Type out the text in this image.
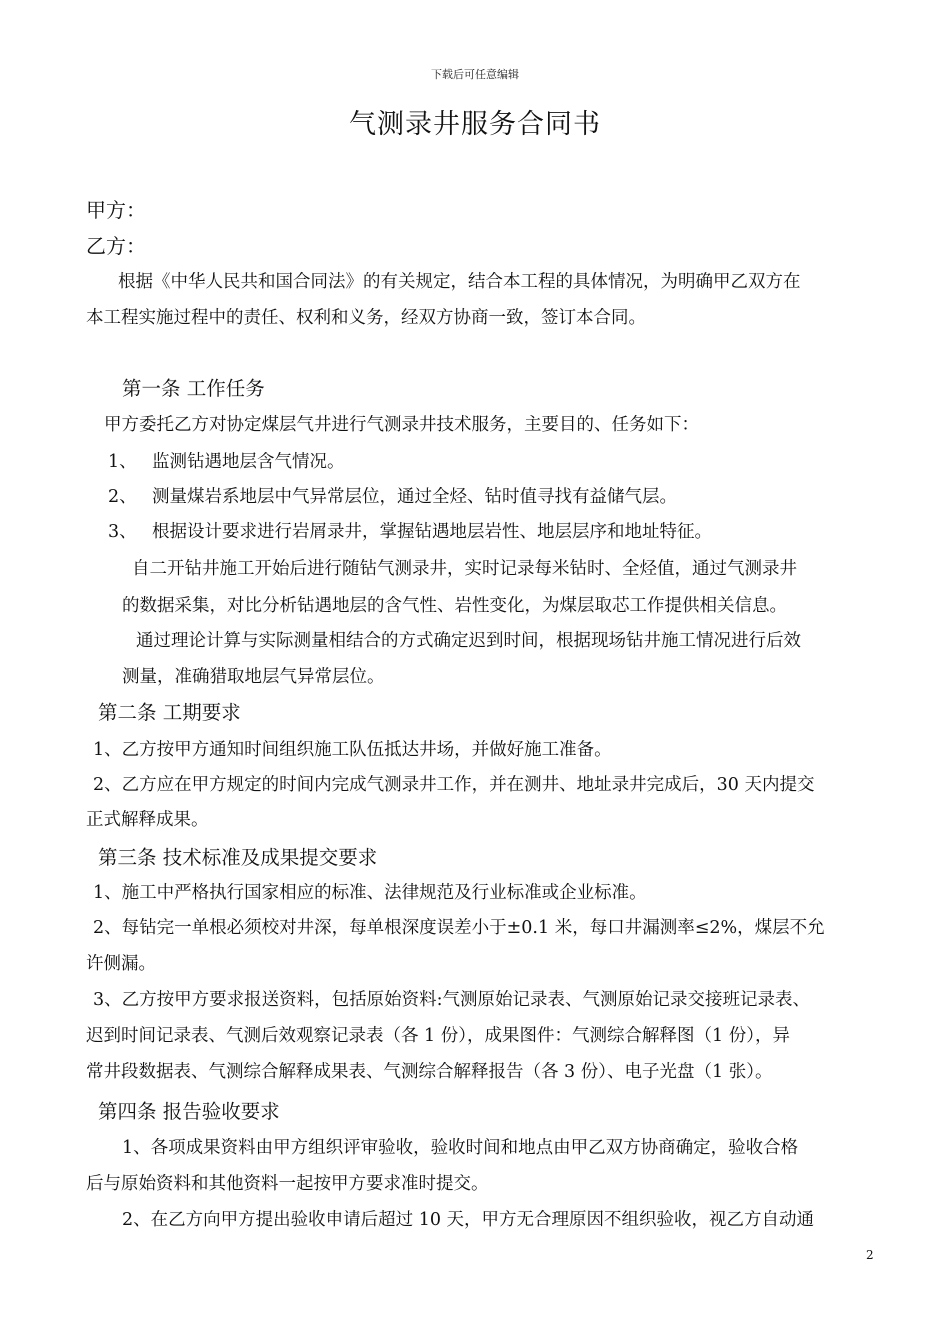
下载后可任意编辑
气测录井服务合同书
甲方：
乙方：
根据《中华人民共和国合同法》的有关规定，结合本工程的具体情况，为明确甲乙双方在
本工程实施过程中的责任、权利和义务，经双方协商一致，签订本合同。
第一条 工作任务
甲方委托乙方对协定煤层气井进行气测录井技术服务，主要目的、任务如下：
1、 监测钻遇地层含气情况。
2、 测量煤岩系地层中气异常层位，通过全烃、钻时值寻找有益储气层。
3、 根据设计要求进行岩屑录井，掌握钻遇地层岩性、地层层序和地址特征。
自二开钻井施工开始后进行随钻气测录井，实时记录每米钻时、全烃值，通过气测录井
的数据采集，对比分析钻遇地层的含气性、岩性变化，为煤层取芯工作提供相关信息。
通过理论计算与实际测量相结合的方式确定迟到时间，根据现场钻井施工情况进行后效
测量，准确猎取地层气异常层位。
第二条 工期要求
1、乙方按甲方通知时间组织施工队伍抵达井场，并做好施工准备。
2、乙方应在甲方规定的时间内完成气测录井工作，并在测井、地址录井完成后，30 天内提交
正式解释成果。
第三条 技术标准及成果提交要求
1、施工中严格执行国家相应的标准、法律规范及行业标准或企业标准。
2、每钻完一单根必须校对井深，每单根深度误差小于±0.1 米，每口井漏测率≤2%，煤层不允
许侧漏。
3、乙方按甲方要求报送资料，包括原始资料:气测原始记录表、气测原始记录交接班记录表、
迟到时间记录表、气测后效观察记录表（各 1 份），成果图件：气测综合解释图（1 份），异
常井段数据表、气测综合解释成果表、气测综合解释报告（各 3 份）、电子光盘（1 张）。
第四条 报告验收要求
1、各项成果资料由甲方组织评审验收，验收时间和地点由甲乙双方协商确定，验收合格
后与原始资料和其他资料一起按甲方要求准时提交。
2、在乙方向甲方提出验收申请后超过 10 天，甲方无合理原因不组织验收，视乙方自动通
2
